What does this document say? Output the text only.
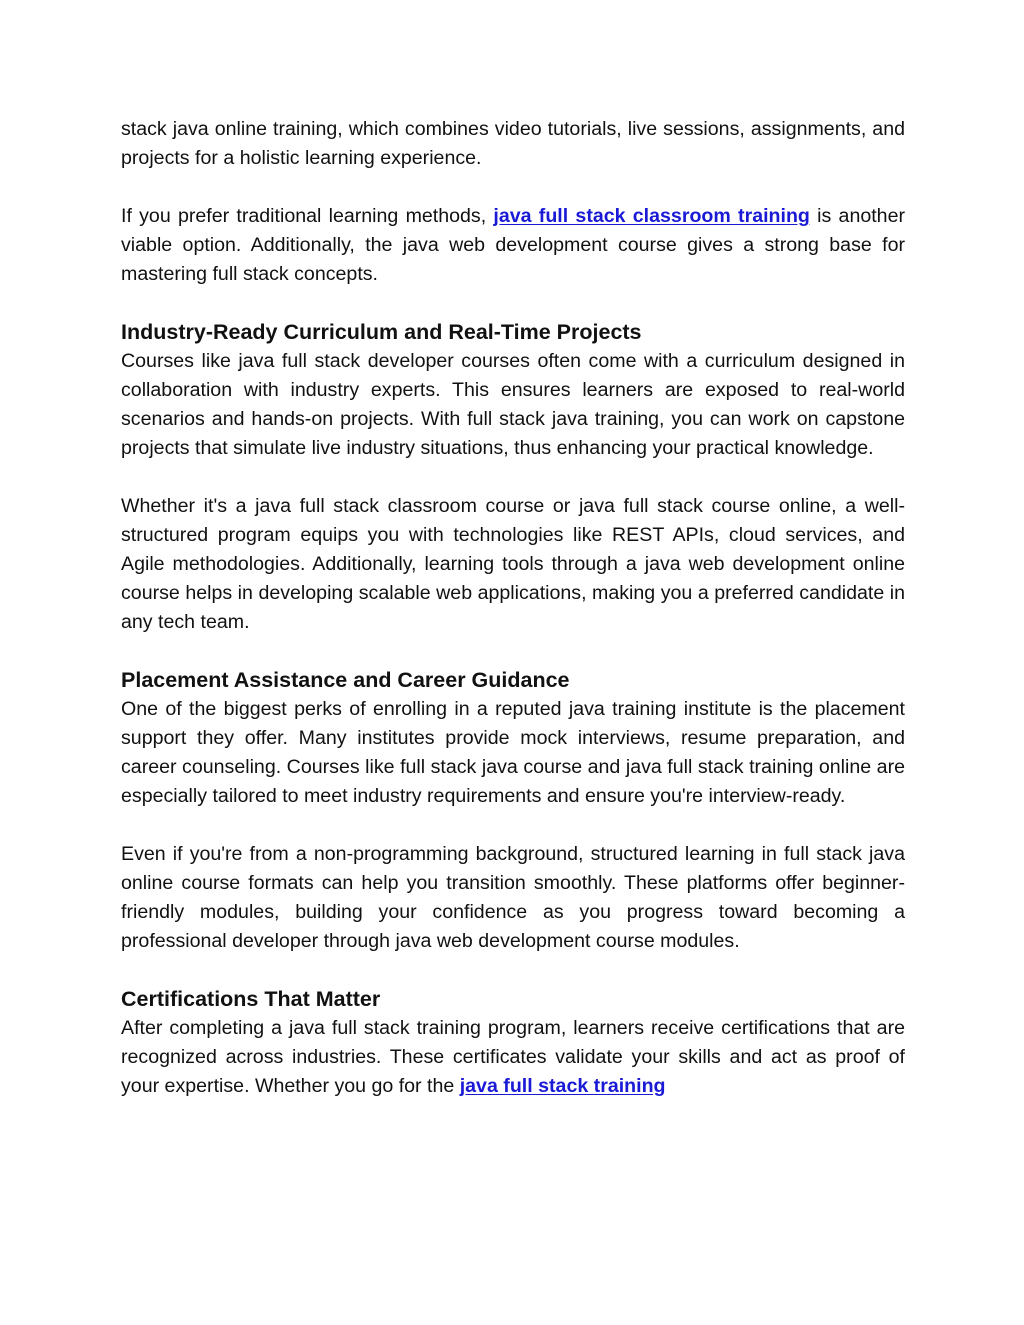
stack java online training, which combines video tutorials, live sessions, assignments, and projects for a holistic learning experience.

If you prefer traditional learning methods, java full stack classroom training is another viable option. Additionally, the java web development course gives a strong base for mastering full stack concepts.

Industry-Ready Curriculum and Real-Time Projects

Courses like java full stack developer courses often come with a curriculum designed in collaboration with industry experts. This ensures learners are exposed to real-world scenarios and hands-on projects. With full stack java training, you can work on capstone projects that simulate live industry situations, thus enhancing your practical knowledge.

Whether it's a java full stack classroom course or java full stack course online, a well-structured program equips you with technologies like REST APIs, cloud services, and Agile methodologies. Additionally, learning tools through a java web development online course helps in developing scalable web applications, making you a preferred candidate in any tech team.

Placement Assistance and Career Guidance

One of the biggest perks of enrolling in a reputed java training institute is the placement support they offer. Many institutes provide mock interviews, resume preparation, and career counseling. Courses like full stack java course and java full stack training online are especially tailored to meet industry requirements and ensure you're interview-ready.

Even if you're from a non-programming background, structured learning in full stack java online course formats can help you transition smoothly. These platforms offer beginner-friendly modules, building your confidence as you progress toward becoming a professional developer through java web development course modules.

Certifications That Matter

After completing a java full stack training program, learners receive certifications that are recognized across industries. These certificates validate your skills and act as proof of your expertise. Whether you go for the java full stack training
